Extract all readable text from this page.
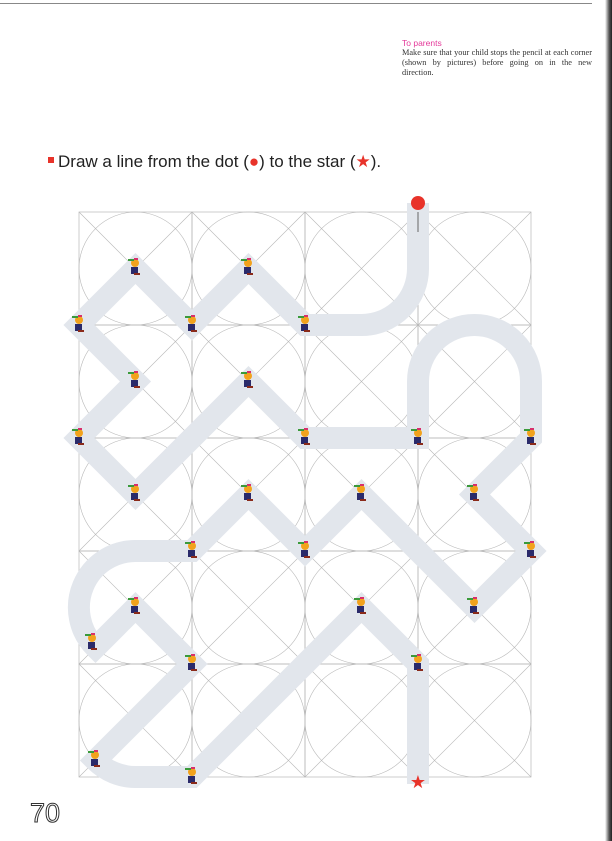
To parents
Make sure that your child stops the pencil at each corner (shown by pictures) before going on in the new direction.
Draw a line from the dot (●) to the star (★).
★
70
